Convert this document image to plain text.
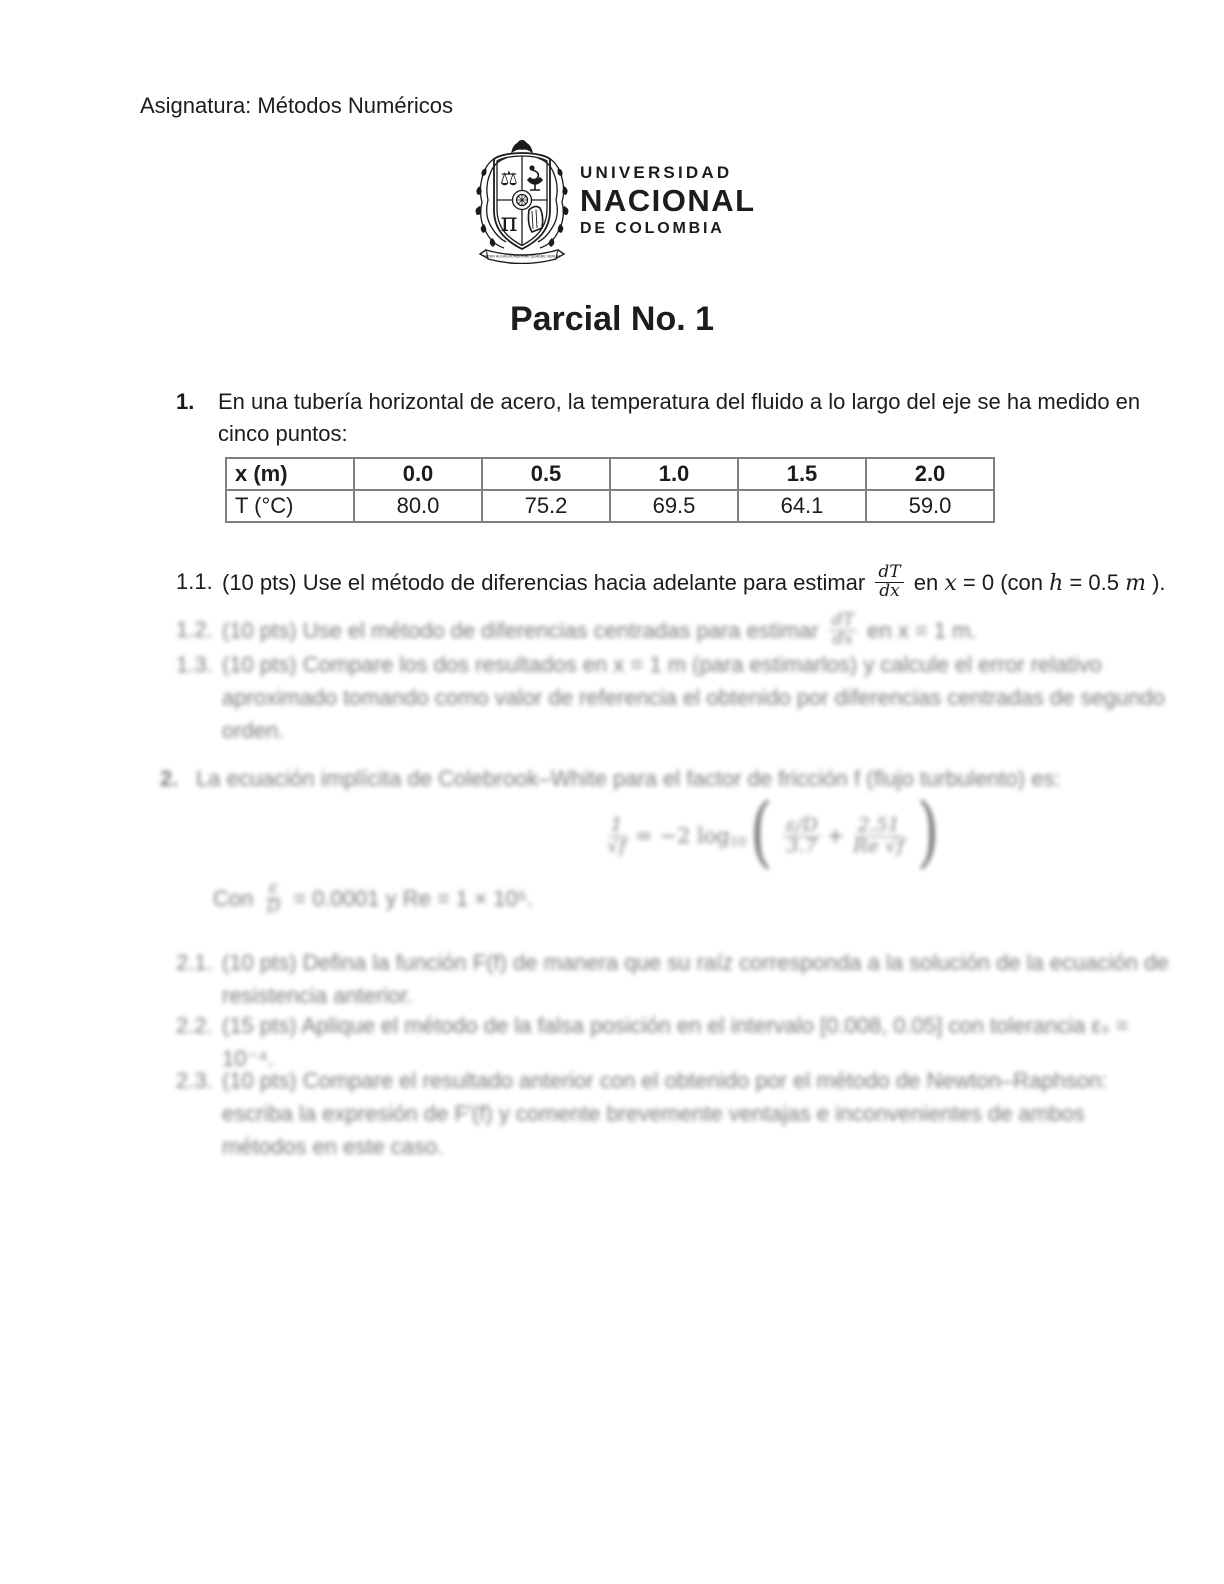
Asignatura: Métodos Numéricos
⚖
π
INTER AULAS ACADEMIAE QUAERE VERUM
UNIVERSIDAD
NACIONAL
DE COLOMBIA
Parcial No. 1
1.	En una tubería horizontal de acero, la temperatura del fluido a lo largo del eje se ha medido en
cinco puntos:
x (m)	0.0	0.5	1.0	1.5	2.0
T (°C)	80.0	75.2	69.5	64.1	59.0
1.1. (10 pts) Use el método de diferencias hacia adelante para estimar $\frac{dT}{dx}$ en x = 0 (con h = 0.5 m ).
1.2. (10 pts) Use el método de diferencias centradas para estimar $\frac{dT}{dx}$ en x = 1 m.
1.3. (10 pts) Compare los dos resultados en x = 1 m (para estimarlos) y calcule el error relativo
aproximado tomando como valor de referencia el obtenido por diferencias centradas de segundo
orden.
2. La ecuación implícita de Colebrook–White para el factor de fricción f (flujo turbulento) es:
$\frac{1}{√f} = -2$ log 10 ( $\frac{\varepsilon/D}{3.7} + \frac{2.51}{Re √f}$ )
Con $\frac{\varepsilon}{D} = 0.0001$ y Re = 1 × 10⁵.
2.1. (10 pts) Defina la función F(f) de manera que su raíz corresponda a la solución de la ecuación de
resistencia anterior.
2.2. (15 pts) Aplique el método de la falsa posición en el intervalo [0.008, 0.05] con tolerancia εₛ =
10⁻⁴.
2.3. (10 pts) Compare el resultado anterior con el obtenido por el método de Newton–Raphson:
escriba la expresión de F′(f) y comente brevemente ventajas e inconvenientes de ambos
métodos en este caso.
